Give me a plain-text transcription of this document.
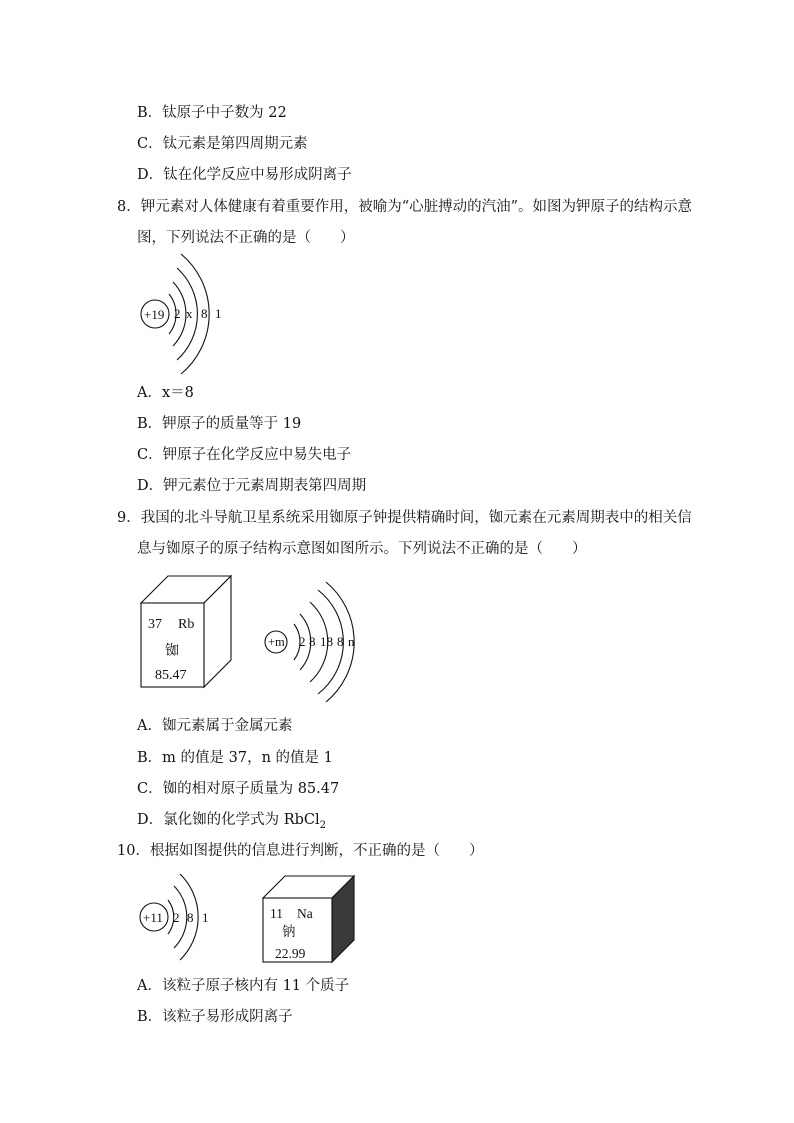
B．钛原子中子数为 22
C．钛元素是第四周期元素
D．钛在化学反应中易形成阴离子
8．钾元素对人体健康有着重要作用，被喻为“心脏搏动的汽油”。如图为钾原子的结构示意
图，下列说法不正确的是（　　）
+19 2 x 8 1
A．x＝8
B．钾原子的质量等于 19
C．钾原子在化学反应中易失电子
D．钾元素位于元素周期表第四周期
9．我国的北斗导航卫星系统采用铷原子钟提供精确时间，铷元素在元素周期表中的相关信
息与铷原子的原子结构示意图如图所示。下列说法不正确的是（　　）
37 Rb
铷
85.47
+m 2 8 18 8 n
A．铷元素属于金属元素
B．m 的值是 37，n 的值是 1
C．铷的相对原子质量为 85.47
D．氯化铷的化学式为 RbCl$_2$
10．根据如图提供的信息进行判断，不正确的是（　　）
+11 2 8 1	11 Na
钠
22.99
A．该粒子原子核内有 11 个质子
B．该粒子易形成阴离子
